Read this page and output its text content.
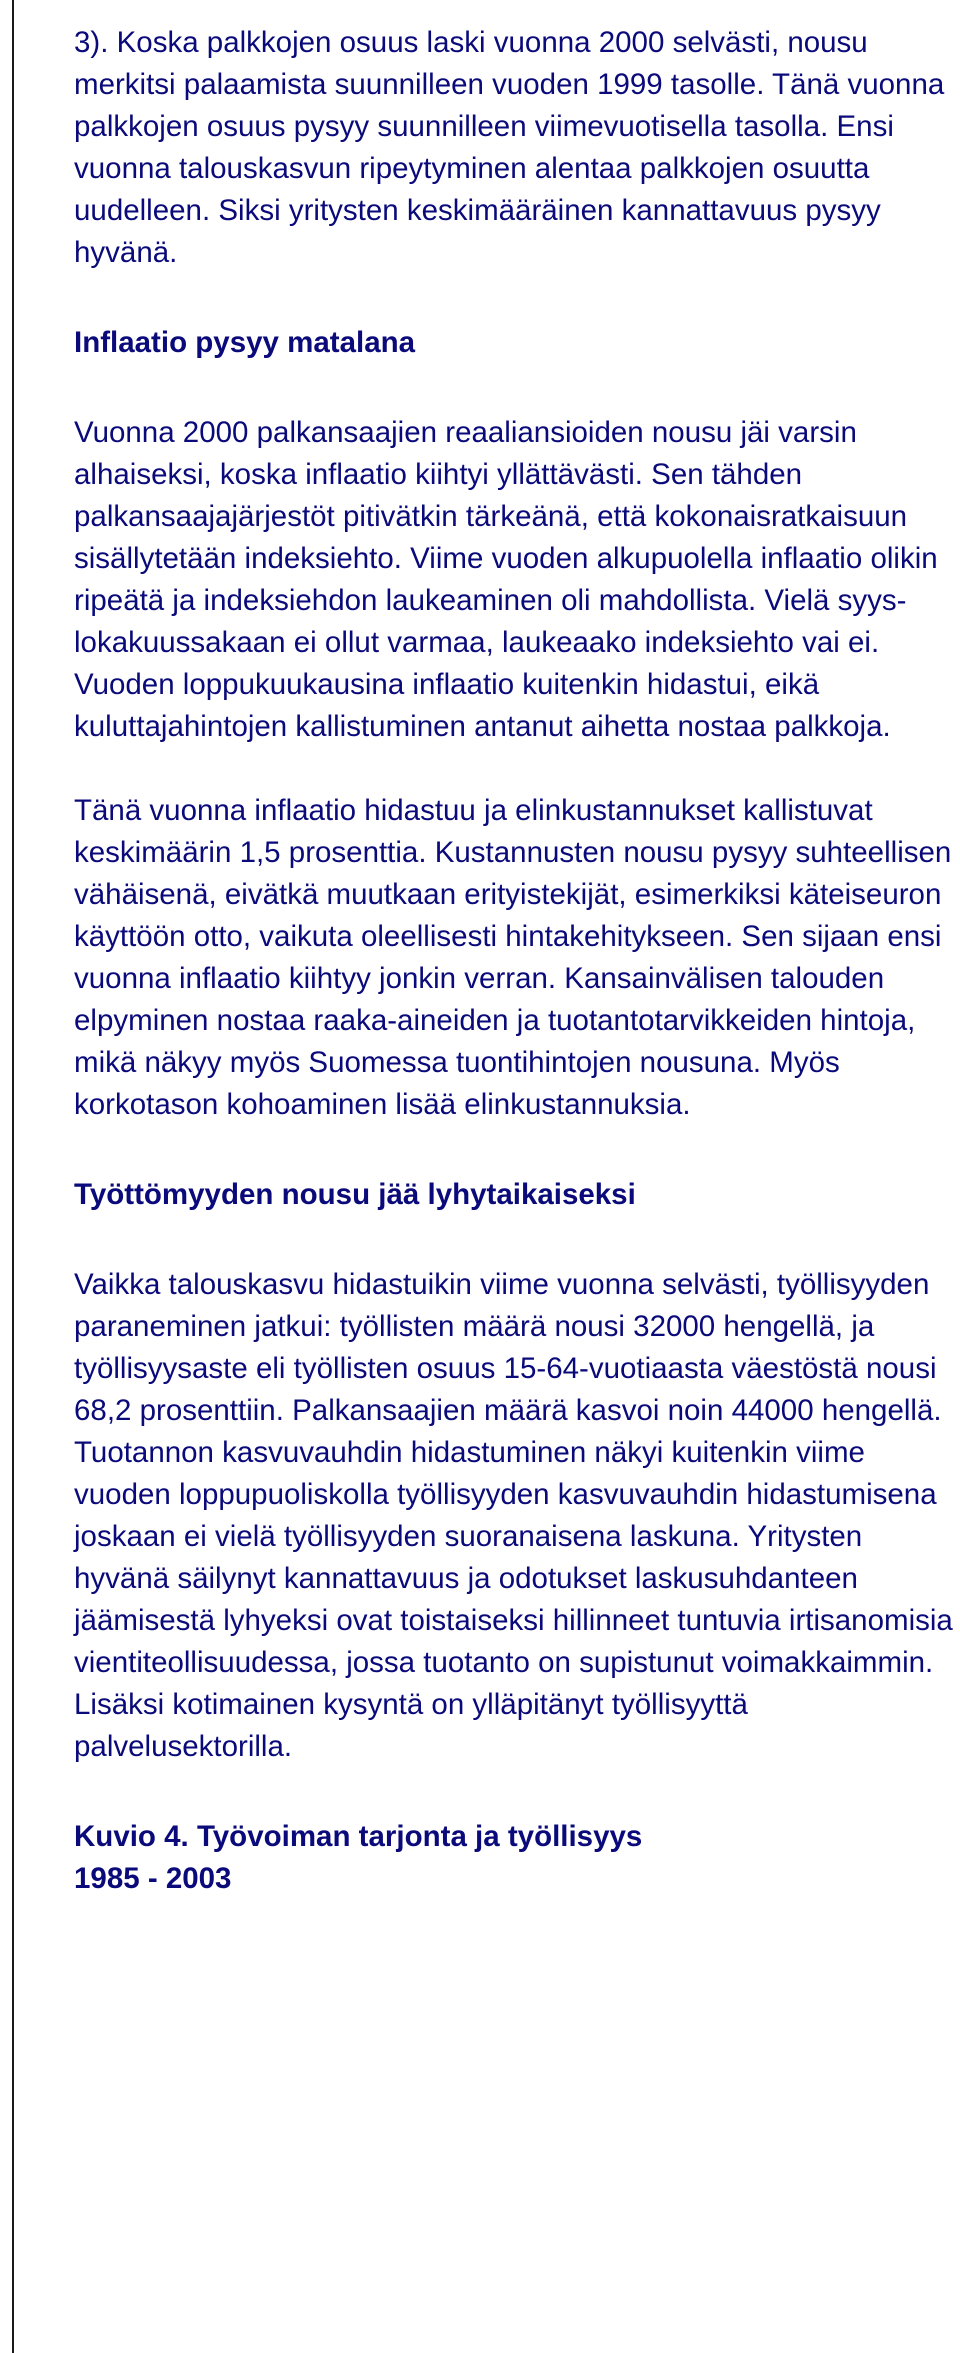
3). Koska palkkojen osuus laski vuonna 2000 selvästi, nousu merkitsi palaamista suunnilleen vuoden 1999 tasolle. Tänä vuonna palkkojen osuus pysyy suunnilleen viimevuotisella tasolla. Ensi vuonna talouskasvun ripeytyminen alentaa palkkojen osuutta uudelleen. Siksi yritysten keskimääräinen kannattavuus pysyy hyvänä.

Inflaatio pysyy matalana

Vuonna 2000 palkansaajien reaaliansioiden nousu jäi varsin alhaiseksi, koska inflaatio kiihtyi yllättävästi. Sen tähden palkansaajajärjestöt pitivätkin tärkeänä, että kokonaisratkaisuun sisällytetään indeksiehto. Viime vuoden alkupuolella inflaatio olikin ripeätä ja indeksiehdon laukeaminen oli mahdollista. Vielä syys-lokakuussakaan ei ollut varmaa, laukeaako indeksiehto vai ei. Vuoden loppukuukausina inflaatio kuitenkin hidastui, eikä kuluttajahintojen kallistuminen antanut aihetta nostaa palkkoja.

Tänä vuonna inflaatio hidastuu ja elinkustannukset kallistuvat keskimäärin 1,5 prosenttia. Kustannusten nousu pysyy suhteellisen vähäisenä, eivätkä muutkaan erityistekijät, esimerkiksi käteiseuron käyttöön otto, vaikuta oleellisesti hintakehitykseen. Sen sijaan ensi vuonna inflaatio kiihtyy jonkin verran. Kansainvälisen talouden elpyminen nostaa raaka-aineiden ja tuotantotarvikkeiden hintoja, mikä näkyy myös Suomessa tuontihintojen nousuna. Myös korkotason kohoaminen lisää elinkustannuksia.

Työttömyyden nousu jää lyhytaikaiseksi

Vaikka talouskasvu hidastuikin viime vuonna selvästi, työllisyyden paraneminen jatkui: työllisten määrä nousi 32000 hengellä, ja työllisyysaste eli työllisten osuus 15-64-vuotiaasta väestöstä nousi 68,2 prosenttiin. Palkansaajien määrä kasvoi noin 44000 hengellä. Tuotannon kasvuvauhdin hidastuminen näkyi kuitenkin viime vuoden loppupuoliskolla työllisyyden kasvuvauhdin hidastumisena joskaan ei vielä työllisyyden suoranaisena laskuna. Yritysten hyvänä säilynyt kannattavuus ja odotukset laskusuhdanteen jäämisestä lyhyeksi ovat toistaiseksi hillinneet tuntuvia irtisanomisia vientiteollisuudessa, jossa tuotanto on supistunut voimakkaimmin. Lisäksi kotimainen kysyntä on ylläpitänyt työllisyyttä palvelusektorilla.

Kuvio 4. Työvoiman tarjonta ja työllisyys
1985 - 2003
